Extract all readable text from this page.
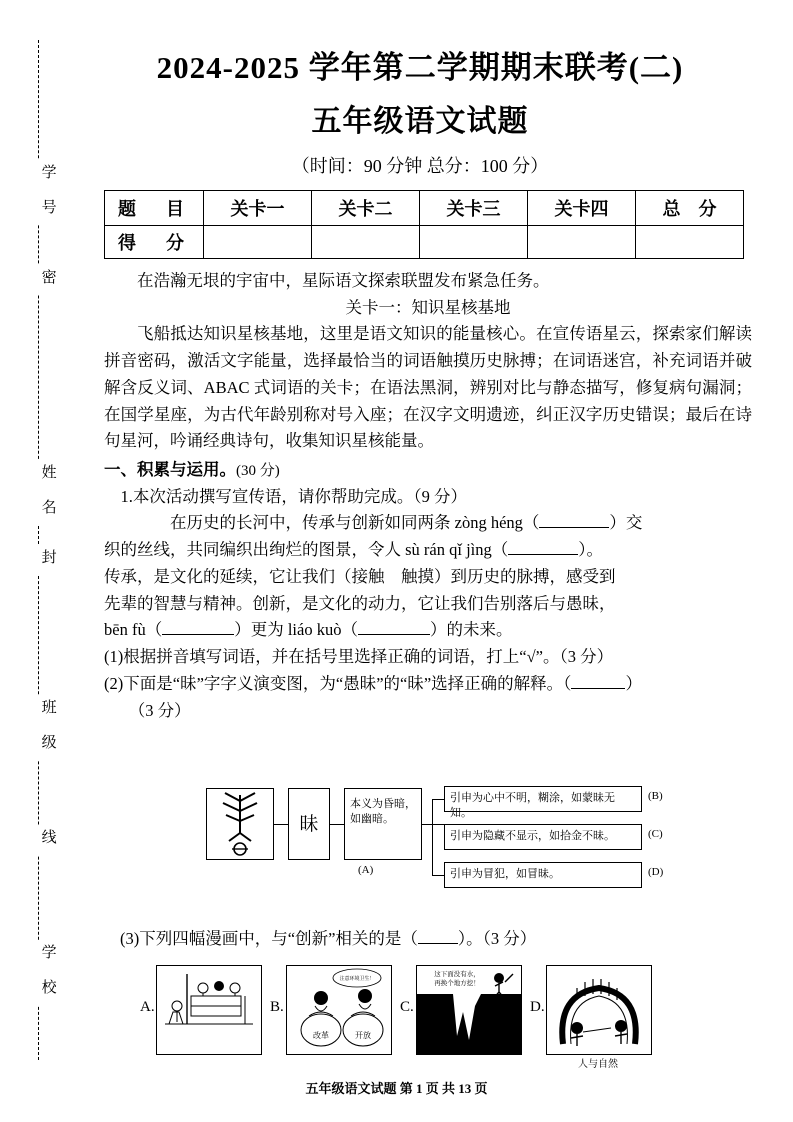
学 号
密
姓 名
封
班 级
线
学 校
2024-2025 学年第二学期期末联考(二)
五年级语文试题
（时间：90 分钟 总分：100 分）
题　目	关卡一	关卡二	关卡三	关卡四	总　分
得　分					

在浩瀚无垠的宇宙中，星际语文探索联盟发布紧急任务。

关卡一：知识星核基地

飞船抵达知识星核基地，这里是语文知识的能量核心。在宣传语星云，探索家们解读拼音密码，激活文字能量，选择最恰当的词语触摸历史脉搏；在词语迷宫，补充词语并破解含反义词、ABAC 式词语的关卡；在语法黑洞，辨别对比与静态描写，修复病句漏洞；在国学星座，为古代年龄别称对号入座；在汉字文明遗迹，纠正汉字历史错误；最后在诗句星河，吟诵经典诗句，收集知识星核能量。

一、积累与运用。(30 分)

1.本次活动撰写宣传语，请你帮助完成。（9 分）

在历史的长河中，传承与创新如同两条 zòng héng（	）交

织的丝线，共同编织出绚烂的图景，令人 sù rán qǐ jìng（	）。

传承，是文化的延续，它让我们（接触　触摸）到历史的脉搏，感受到

先辈的智慧与精神。创新，是文化的动力，它让我们告别落后与愚昧，

bēn fù（	）更为 liáo kuò（	）的未来。

(1)根据拼音填写词语，并在括号里选择正确的词语，打上“√”。（3 分）

(2)下面是“昧”字字义演变图，为“愚昧”的“昧”选择正确的解释。（	）

（3 分）

昧
本义为昏暗，如幽暗。
(A)
引申为心中不明，糊涂，如蒙昧无知。
引申为隐藏不显示，如拾金不昧。
引申为冒犯，如冒昧。
(B)
(C)
(D)
(3)下列四幅漫画中，与“创新”相关的是（ ）。（3 分）
A.	B.
注意环境卫生！
改革	开放
C.
这下面没有水，
再换个地方挖！
D.
人与自然
五年级语文试题 第 1 页 共 13 页
